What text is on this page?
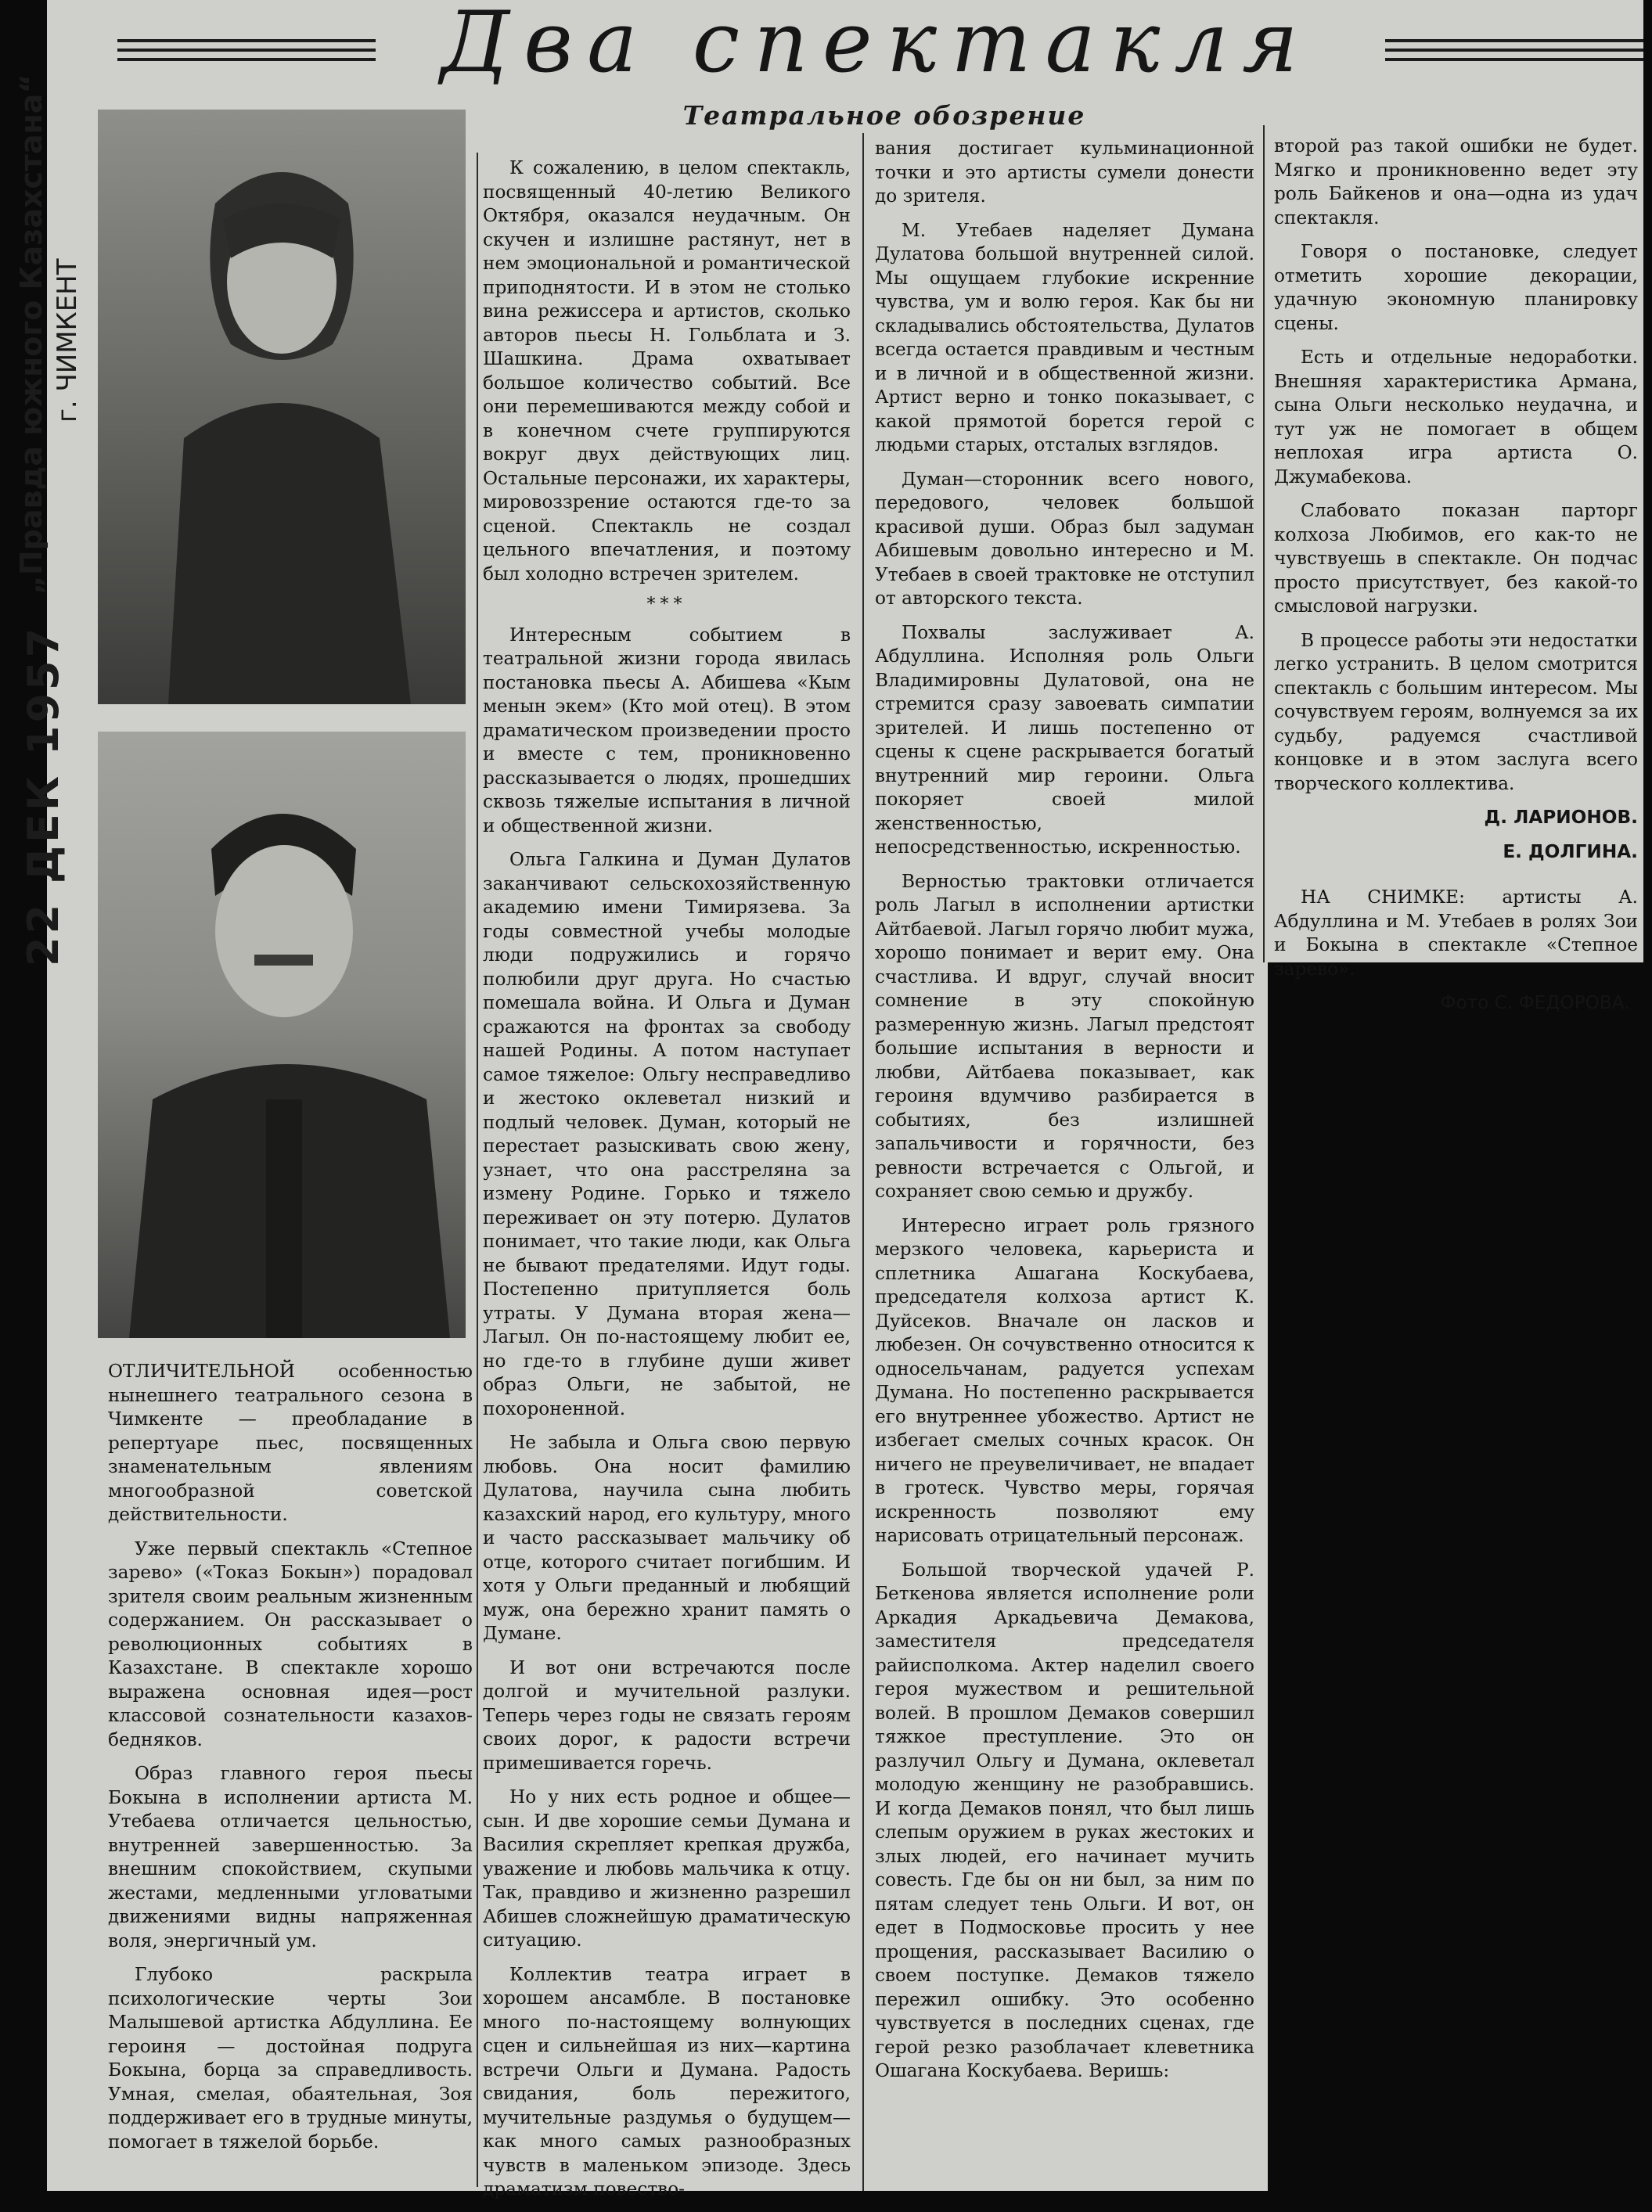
„Правда южного Казахстана“ г. ЧИМКЕНТ
22 ДЕК 1957
Два спектакля
Театральное обозрение

ОТЛИЧИТЕЛЬНОЙ особенностью нынешнего театрального сезона в Чимкенте — преобладание в репертуаре пьес, посвященных знаменательным явлениям многообразной советской действительности.

Уже первый спектакль «Степное зарево» («Токаз Бокын») порадовал зрителя своим реальным жизненным содержанием. Он рассказывает о революционных событиях в Казахстане. В спектакле хорошо выражена основная идея—рост классовой сознательности казахов-бедняков.

Образ главного героя пьесы Бокына в исполнении артиста М. Утебаева отличается цельностью, внутренней завершенностью. За внешним спокойствием, скупыми жестами, медленными угловатыми движениями видны напряженная воля, энергичный ум.

Глубоко раскрыла психологические черты Зои Малышевой артистка Абдуллина. Ее героиня — достойная подруга Бокына, борца за справедливость. Умная, смелая, обаятельная, Зоя поддерживает его в трудные минуты, помогает в тяжелой борьбе.

К сожалению, в целом спектакль, посвященный 40-летию Великого Октября, оказался неудачным. Он скучен и излишне растянут, нет в нем эмоциональной и романтической приподнятости. И в этом не столько вина режиссера и артистов, сколько авторов пьесы Н. Гольблата и З. Шашкина. Драма охватывает большое количество событий. Все они перемешиваются между собой и в конечном счете группируются вокруг двух действующих лиц. Остальные персонажи, их характеры, мировоззрение остаются где-то за сценой. Спектакль не создал цельного впечатления, и поэтому был холодно встречен зрителем.

***

Интересным событием в театральной жизни города явилась постановка пьесы А. Абишева «Кым менын экем» (Кто мой отец). В этом драматическом произведении просто и вместе с тем, проникновенно рассказывается о людях, прошедших сквозь тяжелые испытания в личной и общественной жизни.

Ольга Галкина и Думан Дулатов заканчивают сельскохозяйственную академию имени Тимирязева. За годы совместной учебы молодые люди подружились и горячо полюбили друг друга. Но счастью помешала война. И Ольга и Думан сражаются на фронтах за свободу нашей Родины. А потом наступает самое тяжелое: Ольгу несправедливо и жестоко оклеветал низкий и подлый человек. Думан, который не перестает разыскивать свою жену, узнает, что она расстреляна за измену Родине. Горько и тяжело переживает он эту потерю. Дулатов понимает, что такие люди, как Ольга не бывают предателями. Идут годы. Постепенно притупляется боль утраты. У Думана вторая жена—Лагыл. Он по-настоящему любит ее, но где-то в глубине души живет образ Ольги, не забытой, не похороненной.

Не забыла и Ольга свою первую любовь. Она носит фамилию Дулатова, научила сына любить казахский народ, его культуру, много и часто рассказывает мальчику об отце, которого считает погибшим. И хотя у Ольги преданный и любящий муж, она бережно хранит память о Думане.

И вот они встречаются после долгой и мучительной разлуки. Теперь через годы не связать героям своих дорог, к радости встречи примешивается горечь.

Но у них есть родное и общее—сын. И две хорошие семьи Думана и Василия скрепляет крепкая дружба, уважение и любовь мальчика к отцу. Так, правдиво и жизненно разрешил Абишев сложнейшую драматическую ситуацию.

Коллектив театра играет в хорошем ансамбле. В постановке много по-настоящему волнующих сцен и сильнейшая из них—картина встречи Ольги и Думана. Радость свидания, боль пережитого, мучительные раздумья о будущем—как много самых разнообразных чувств в маленьком эпизоде. Здесь драматизм повество-

вания достигает кульминационной точки и это артисты сумели донести до зрителя.

М. Утебаев наделяет Думана Дулатова большой внутренней силой. Мы ощущаем глубокие искренние чувства, ум и волю героя. Как бы ни складывались обстоятельства, Дулатов всегда остается правдивым и честным и в личной и в общественной жизни. Артист верно и тонко показывает, с какой прямотой борется герой с людьми старых, отсталых взглядов.

Думан—сторонник всего нового, передового, человек большой красивой души. Образ был задуман Абишевым довольно интересно и М. Утебаев в своей трактовке не отступил от авторского текста.

Похвалы заслуживает А. Абдуллина. Исполняя роль Ольги Владимировны Дулатовой, она не стремится сразу завоевать симпатии зрителей. И лишь постепенно от сцены к сцене раскрывается богатый внутренний мир героини. Ольга покоряет своей милой женственностью, непосредственностью, искренностью.

Верностью трактовки отличается роль Лагыл в исполнении артистки Айтбаевой. Лагыл горячо любит мужа, хорошо понимает и верит ему. Она счастлива. И вдруг, случай вносит сомнение в эту спокойную размеренную жизнь. Лагыл предстоят большие испытания в верности и любви, Айтбаева показывает, как героиня вдумчиво разбирается в событиях, без излишней запальчивости и горячности, без ревности встречается с Ольгой, и сохраняет свою семью и дружбу.

Интересно играет роль грязного мерзкого человека, карьериста и сплетника Ашагана Коскубаева, председателя колхоза артист К. Дуйсеков. Вначале он ласков и любезен. Он сочувственно относится к односельчанам, радуется успехам Думана. Но постепенно раскрывается его внутреннее убожество. Артист не избегает смелых сочных красок. Он ничего не преувеличивает, не впадает в гротеск. Чувство меры, горячая искренность позволяют ему нарисовать отрицательный персонаж.

Большой творческой удачей Р. Беткенова является исполнение роли Аркадия Аркадьевича Демакова, заместителя председателя райисполкома. Актер наделил своего героя мужеством и решительной волей. В прошлом Демаков совершил тяжкое преступление. Это он разлучил Ольгу и Думана, оклеветал молодую женщину не разобравшись. И когда Демаков понял, что был лишь слепым оружием в руках жестоких и злых людей, его начинает мучить совесть. Где бы он ни был, за ним по пятам следует тень Ольги. И вот, он едет в Подмосковье просить у нее прощения, рассказывает Василию о своем поступке. Демаков тяжело пережил ошибку. Это особенно чувствуется в последних сценах, где герой резко разоблачает клеветника Ошагана Коскубаева. Веришь:

второй раз такой ошибки не будет. Мягко и проникновенно ведет эту роль Байкенов и она—одна из удач спектакля.

Говоря о постановке, следует отметить хорошие декорации, удачную экономную планировку сцены.

Есть и отдельные недоработки. Внешняя характеристика Армана, сына Ольги несколько неудачна, и тут уж не помогает в общем неплохая игра артиста О. Джумабекова.

Слабовато показан парторг колхоза Любимов, его как-то не чувствуешь в спектакле. Он подчас просто присутствует, без какой-то смысловой нагрузки.

В процессе работы эти недостатки легко устранить. В целом смотрится спектакль с большим интересом. Мы сочувствуем героям, волнуемся за их судьбу, радуемся счастливой концовке и в этом заслуга всего творческого коллектива.

Д. ЛАРИОНОВ.

Е. ДОЛГИНА.

НА СНИМКЕ: артисты А. Абдуллина и М. Утебаев в ролях Зои и Бокына в спектакле «Степное зарево».

Фото С. ФЕДОРОВА.
